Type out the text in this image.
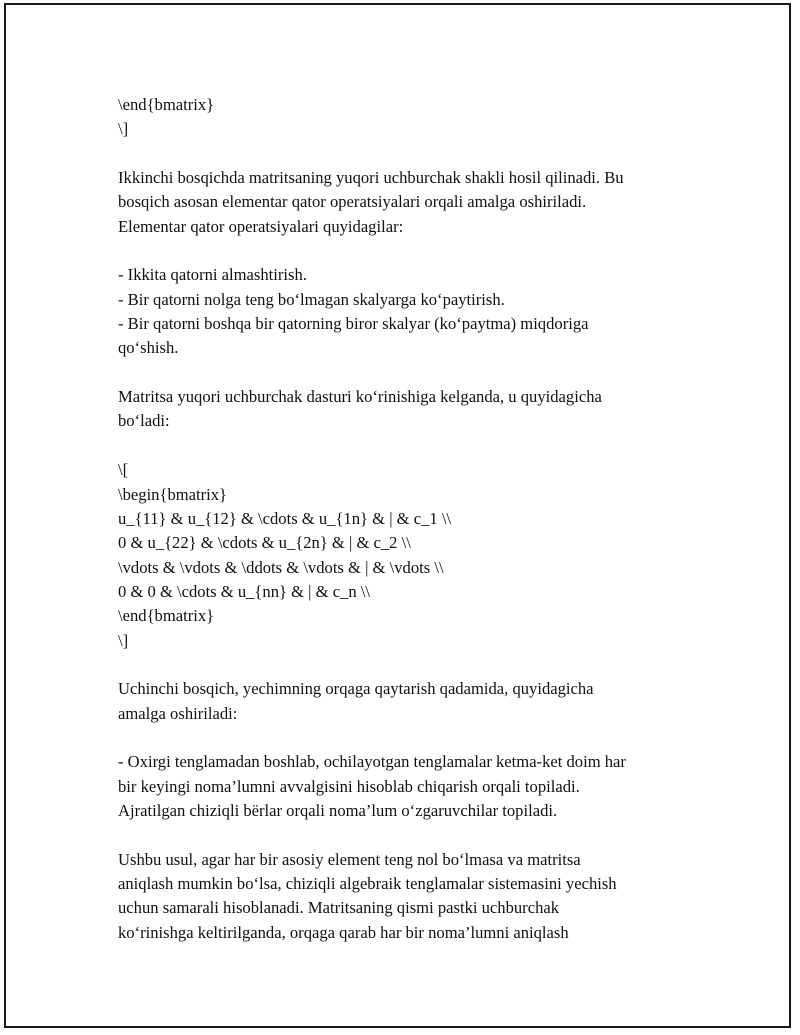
\end{bmatrix}
\]
Ikkinchi bosqichda matritsaning yuqori uchburchak shakli hosil qilinadi. Bu
bosqich asosan elementar qator operatsiyalari orqali amalga oshiriladi.
Elementar qator operatsiyalari quyidagilar:
- Ikkita qatorni almashtirish.
- Bir qatorni nolga teng bo‘lmagan skalyarga ko‘paytirish.
- Bir qatorni boshqa bir qatorning biror skalyar (ko‘paytma) miqdoriga
qo‘shish.
Matritsa yuqori uchburchak dasturi ko‘rinishiga kelganda, u quyidagicha
bo‘ladi:
\[
\begin{bmatrix}
u_{11} & u_{12} & \cdots & u_{1n} & | & c_1 \\
0 & u_{22} & \cdots & u_{2n} & | & c_2 \\
\vdots & \vdots & \ddots & \vdots & | & \vdots \\
0 & 0 & \cdots & u_{nn} & | & c_n \\
\end{bmatrix}
\]
Uchinchi bosqich, yechimning orqaga qaytarish qadamida, quyidagicha
amalga oshiriladi:
- Oxirgi tenglamadan boshlab, ochilayotgan tenglamalar ketma-ket doim har
bir keyingi noma’lumni avvalgisini hisoblab chiqarish orqali topiladi.
Ajratilgan chiziqli bërlar orqali noma’lum o‘zgaruvchilar topiladi.
Ushbu usul, agar har bir asosiy element teng nol bo‘lmasa va matritsa
aniqlash mumkin bo‘lsa, chiziqli algebraik tenglamalar sistemasini yechish
uchun samarali hisoblanadi. Matritsaning qismi pastki uchburchak
ko‘rinishga keltirilganda, orqaga qarab har bir noma’lumni aniqlash
